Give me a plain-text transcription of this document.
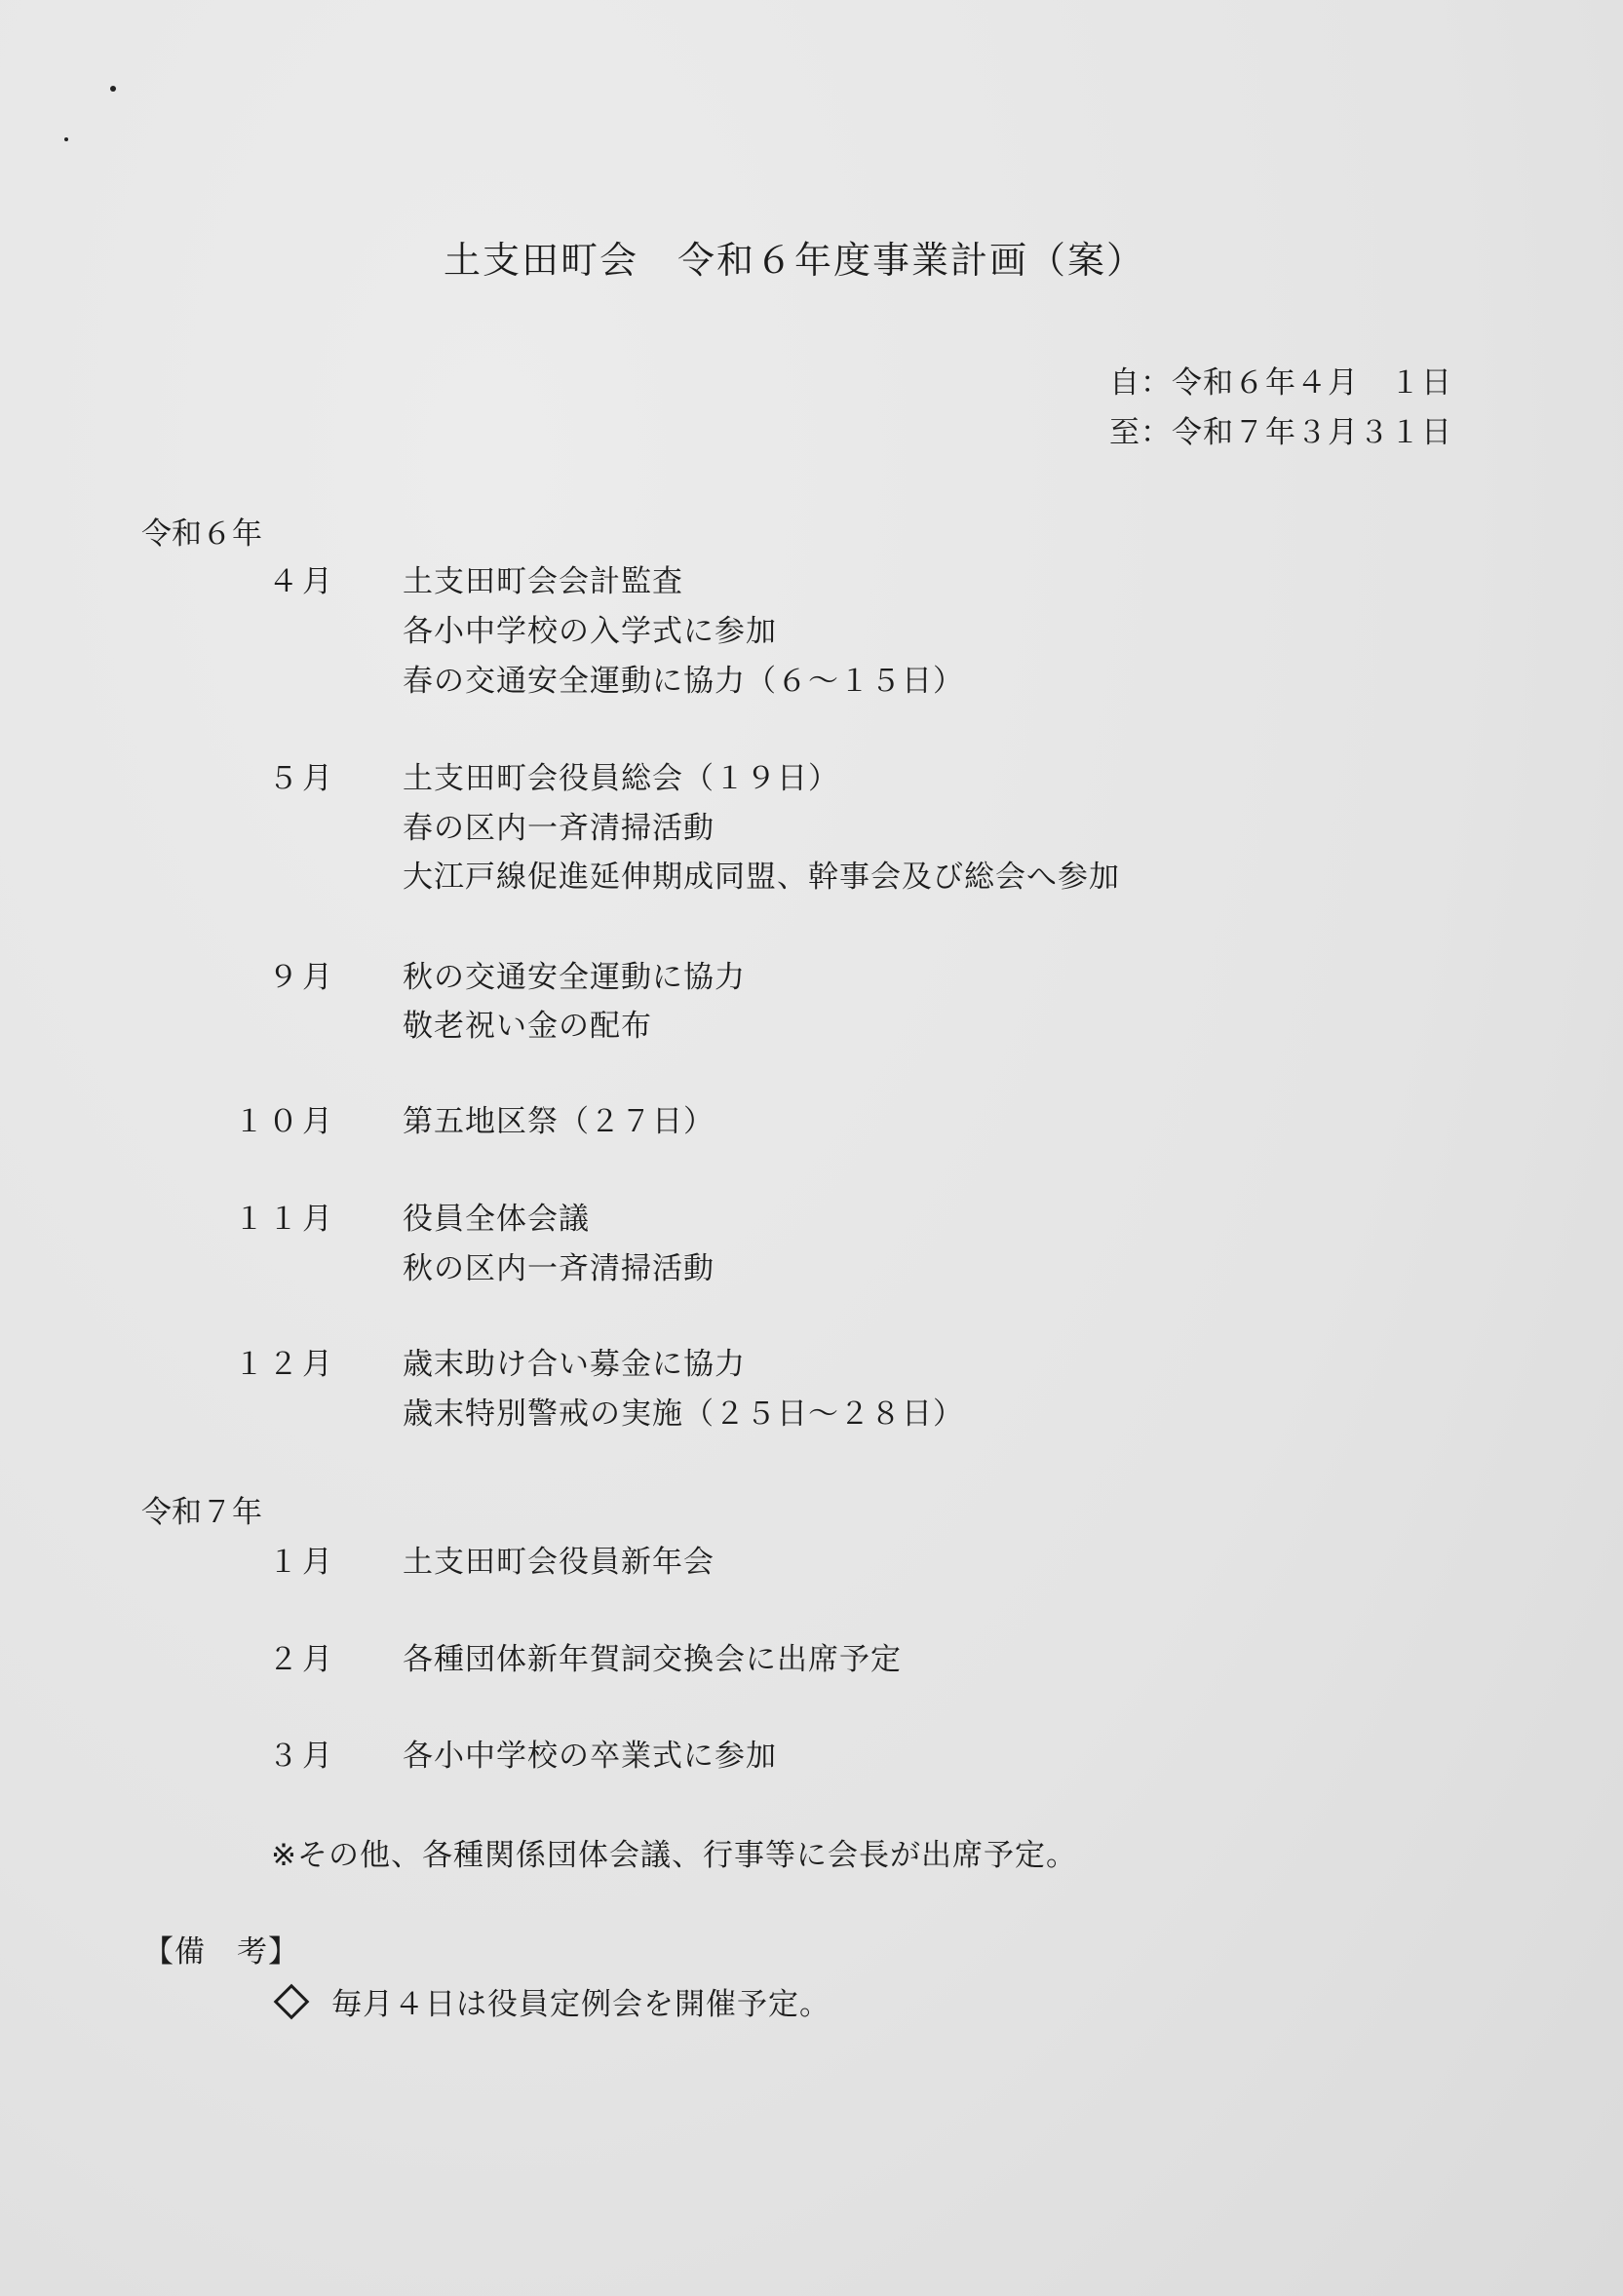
土支田町会　令和６年度事業計画（案）
自：令和６年４月　１日
至：令和７年３月３１日
令和６年
４月 土支田町会会計監査
各小中学校の入学式に参加
春の交通安全運動に協力（６〜１５日）
５月 土支田町会役員総会（１９日）
春の区内一斉清掃活動
大江戸線促進延伸期成同盟、幹事会及び総会へ参加
９月 秋の交通安全運動に協力
敬老祝い金の配布
１０月 第五地区祭（２７日）
１１月 役員全体会議
秋の区内一斉清掃活動
１２月 歳末助け合い募金に協力
歳末特別警戒の実施（２５日〜２８日）
令和７年
１月 土支田町会役員新年会
２月 各種団体新年賀詞交換会に出席予定
３月 各小中学校の卒業式に参加
※その他、各種関係団体会議、行事等に会長が出席予定。
【備　考】
毎月４日は役員定例会を開催予定。
